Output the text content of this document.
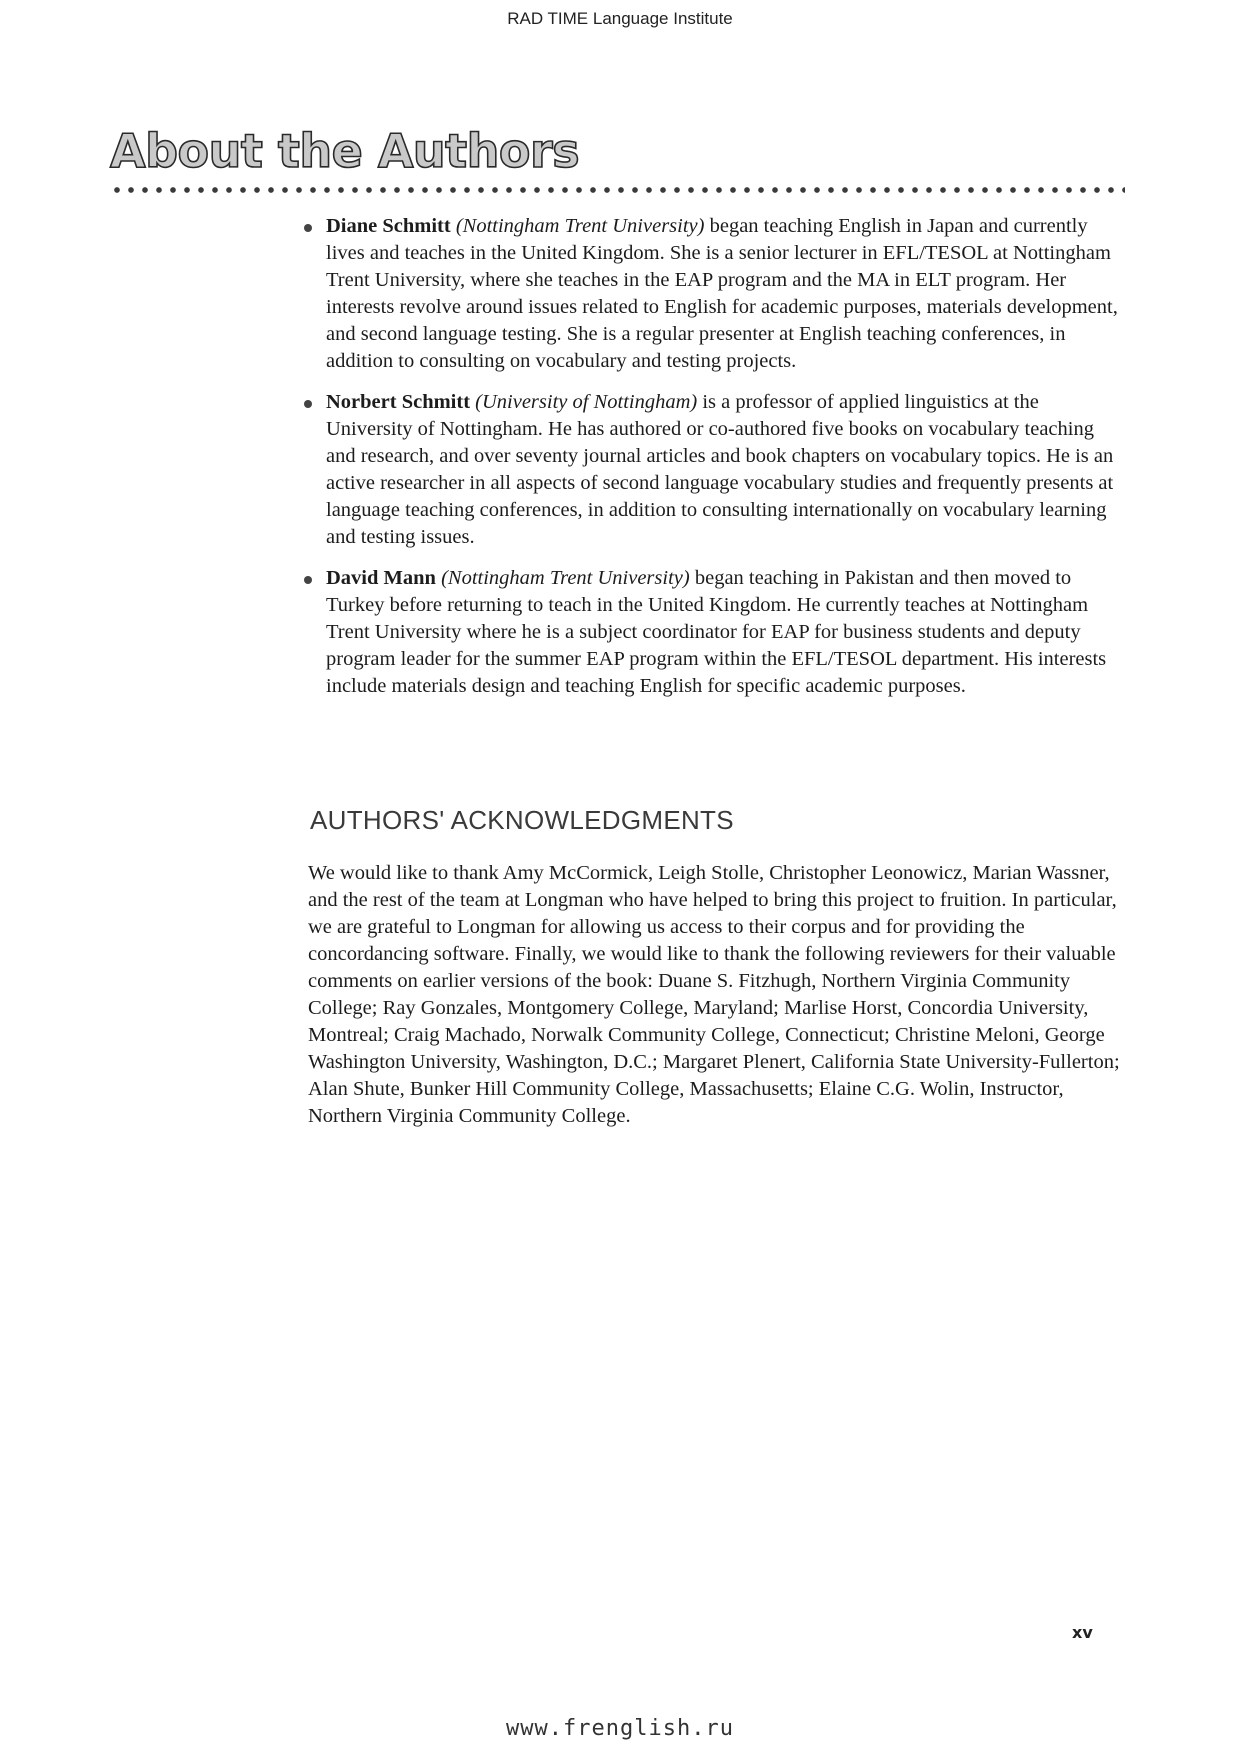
RAD TIME Language Institute
About the Authors
Diane Schmitt (Nottingham Trent University) began teaching English in Japan and currently lives and teaches in the United Kingdom. She is a senior lecturer in EFL/TESOL at Nottingham Trent University, where she teaches in the EAP program and the MA in ELT program. Her interests revolve around issues related to English for academic purposes, materials development, and second language testing. She is a regular presenter at English teaching conferences, in addition to consulting on vocabulary and testing projects.
Norbert Schmitt (University of Nottingham) is a professor of applied linguistics at the University of Nottingham. He has authored or co-authored five books on vocabulary teaching and research, and over seventy journal articles and book chapters on vocabulary topics. He is an active researcher in all aspects of second language vocabulary studies and frequently presents at language teaching conferences, in addition to consulting internationally on vocabulary learning and testing issues.
David Mann (Nottingham Trent University) began teaching in Pakistan and then moved to Turkey before returning to teach in the United Kingdom. He currently teaches at Nottingham Trent University where he is a subject coordinator for EAP for business students and deputy program leader for the summer EAP program within the EFL/TESOL department. His interests include materials design and teaching English for specific academic purposes.
AUTHORS' ACKNOWLEDGMENTS

We would like to thank Amy McCormick, Leigh Stolle, Christopher Leonowicz, Marian Wassner, and the rest of the team at Longman who have helped to bring this project to fruition. In particular, we are grateful to Longman for allowing us access to their corpus and for providing the concordancing software. Finally, we would like to thank the following reviewers for their valuable comments on earlier versions of the book: Duane S. Fitzhugh, Northern Virginia Community College; Ray Gonzales, Montgomery College, Maryland; Marlise Horst, Concordia University, Montreal; Craig Machado, Norwalk Community College, Connecticut; Christine Meloni, George Washington University, Washington, D.C.; Margaret Plenert, California State University-Fullerton; Alan Shute, Bunker Hill Community College, Massachusetts; Elaine C.G. Wolin, Instructor, Northern Virginia Community College.

xv
www.frenglish.ru
